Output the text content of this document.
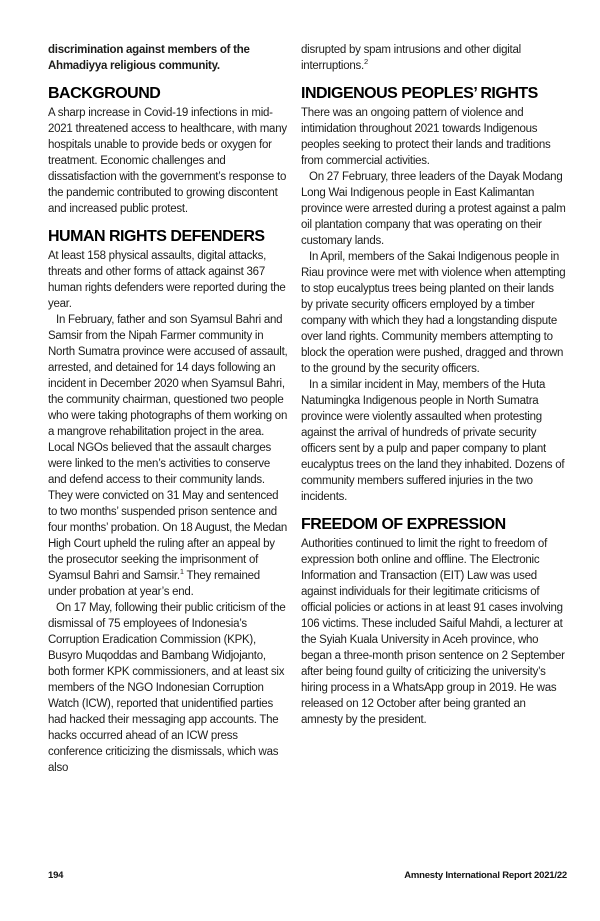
discrimination against members of the Ahmadiyya religious community.

BACKGROUND

A sharp increase in Covid-19 infections in mid-2021 threatened access to healthcare, with many hospitals unable to provide beds or oxygen for treatment. Economic challenges and dissatisfaction with the government’s response to the pandemic contributed to growing discontent and increased public protest.

HUMAN RIGHTS DEFENDERS

At least 158 physical assaults, digital attacks, threats and other forms of attack against 367 human rights defenders were reported during the year.

In February, father and son Syamsul Bahri and Samsir from the Nipah Farmer community in North Sumatra province were accused of assault, arrested, and detained for 14 days following an incident in December 2020 when Syamsul Bahri, the community chairman, questioned two people who were taking photographs of them working on a mangrove rehabilitation project in the area. Local NGOs believed that the assault charges were linked to the men’s activities to conserve and defend access to their community lands. They were convicted on 31 May and sentenced to two months’ suspended prison sentence and four months’ probation. On 18 August, the Medan High Court upheld the ruling after an appeal by the prosecutor seeking the imprisonment of Syamsul Bahri and Samsir.$^1$ They remained under probation at year’s end.

On 17 May, following their public criticism of the dismissal of 75 employees of Indonesia’s Corruption Eradication Commission (KPK), Busyro Muqoddas and Bambang Widjojanto, both former KPK commissioners, and at least six members of the NGO Indonesian Corruption Watch (ICW), reported that unidentified parties had hacked their messaging app accounts. The hacks occurred ahead of an ICW press conference criticizing the dismissals, which was also

disrupted by spam intrusions and other digital interruptions.$^2$

INDIGENOUS PEOPLES’ RIGHTS

There was an ongoing pattern of violence and intimidation throughout 2021 towards Indigenous peoples seeking to protect their lands and traditions from commercial activities.

On 27 February, three leaders of the Dayak Modang Long Wai Indigenous people in East Kalimantan province were arrested during a protest against a palm oil plantation company that was operating on their customary lands.

In April, members of the Sakai Indigenous people in Riau province were met with violence when attempting to stop eucalyptus trees being planted on their lands by private security officers employed by a timber company with which they had a longstanding dispute over land rights. Community members attempting to block the operation were pushed, dragged and thrown to the ground by the security officers.

In a similar incident in May, members of the Huta Natumingka Indigenous people in North Sumatra province were violently assaulted when protesting against the arrival of hundreds of private security officers sent by a pulp and paper company to plant eucalyptus trees on the land they inhabited. Dozens of community members suffered injuries in the two incidents.

FREEDOM OF EXPRESSION

Authorities continued to limit the right to freedom of expression both online and offline. The Electronic Information and Transaction (EIT) Law was used against individuals for their legitimate criticisms of official policies or actions in at least 91 cases involving 106 victims. These included Saiful Mahdi, a lecturer at the Syiah Kuala University in Aceh province, who began a three-month prison sentence on 2 September after being found guilty of criticizing the university’s hiring process in a WhatsApp group in 2019. He was released on 12 October after being granted an amnesty by the president.

194	Amnesty International Report 2021/22
